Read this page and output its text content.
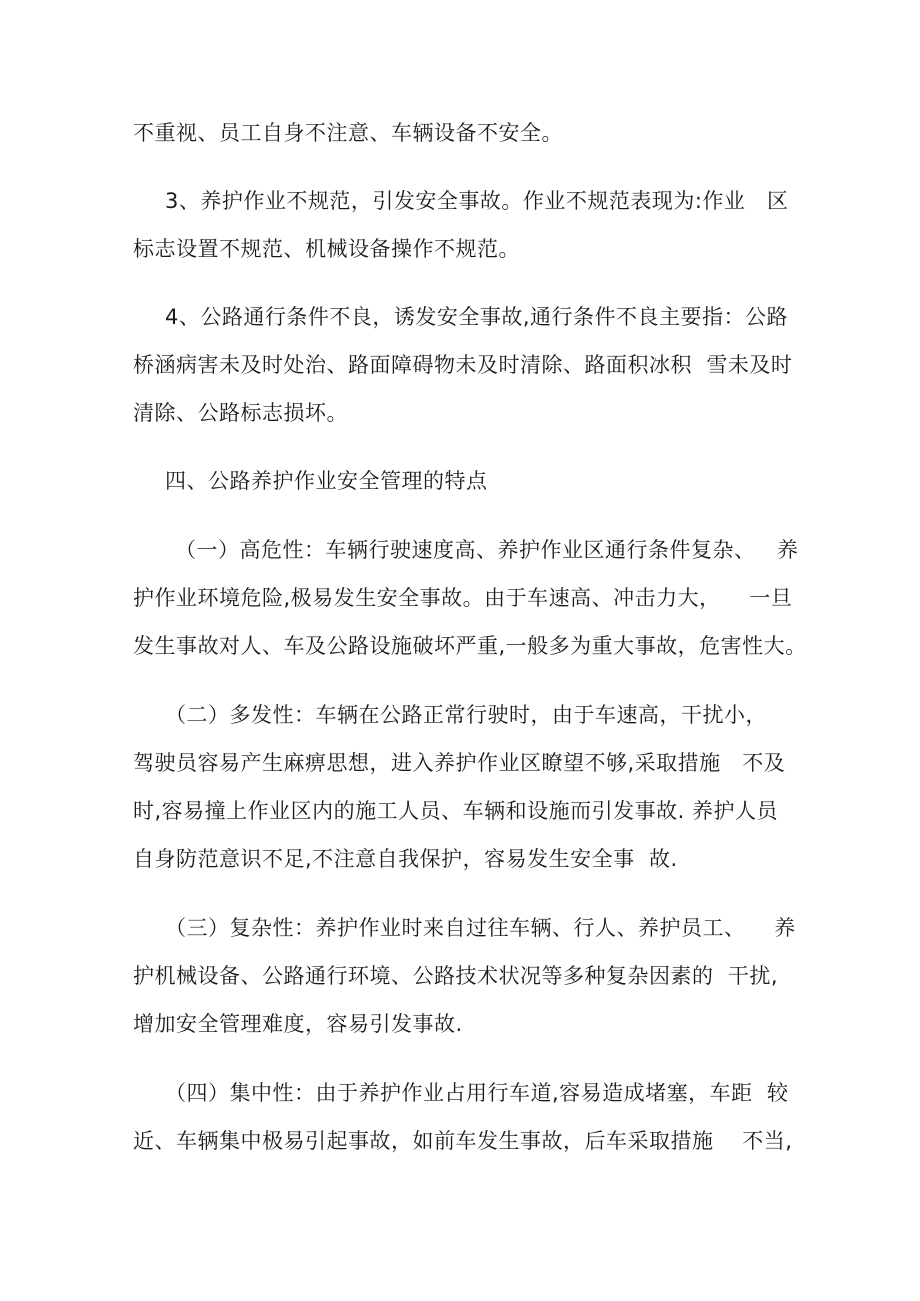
不重视、员工自身不注意、车辆设备不安全。
3、养护作业不规范，引发安全事故。作业不规范表现为:作业   区
标志设置不规范、机械设备操作不规范。
4、公路通行条件不良，诱发安全事故,通行条件不良主要指：公路
桥涵病害未及时处治、路面障碍物未及时清除、路面积冰积  雪未及时
清除、公路标志损坏。
四、公路养护作业安全管理的特点
（一）高危性：车辆行驶速度高、养护作业区通行条件复杂、   养
护作业环境危险,极易发生安全事故。由于车速高、冲击力大，    一旦
发生事故对人、车及公路设施破坏严重,一般多为重大事故，危害性大。
（二）多发性：车辆在公路正常行驶时，由于车速高，干扰小，
驾驶员容易产生麻痹思想，进入养护作业区瞭望不够,采取措施   不及
时,容易撞上作业区内的施工人员、车辆和设施而引发事故. 养护人员
自身防范意识不足,不注意自我保护，容易发生安全事  故.
（三）复杂性：养护作业时来自过往车辆、行人、养护员工、    养
护机械设备、公路通行环境、公路技术状况等多种复杂因素的  干扰,
增加安全管理难度，容易引发事故.
（四）集中性：由于养护作业占用行车道,容易造成堵塞，车距  较
近、车辆集中极易引起事故，如前车发生事故，后车采取措施    不当,
